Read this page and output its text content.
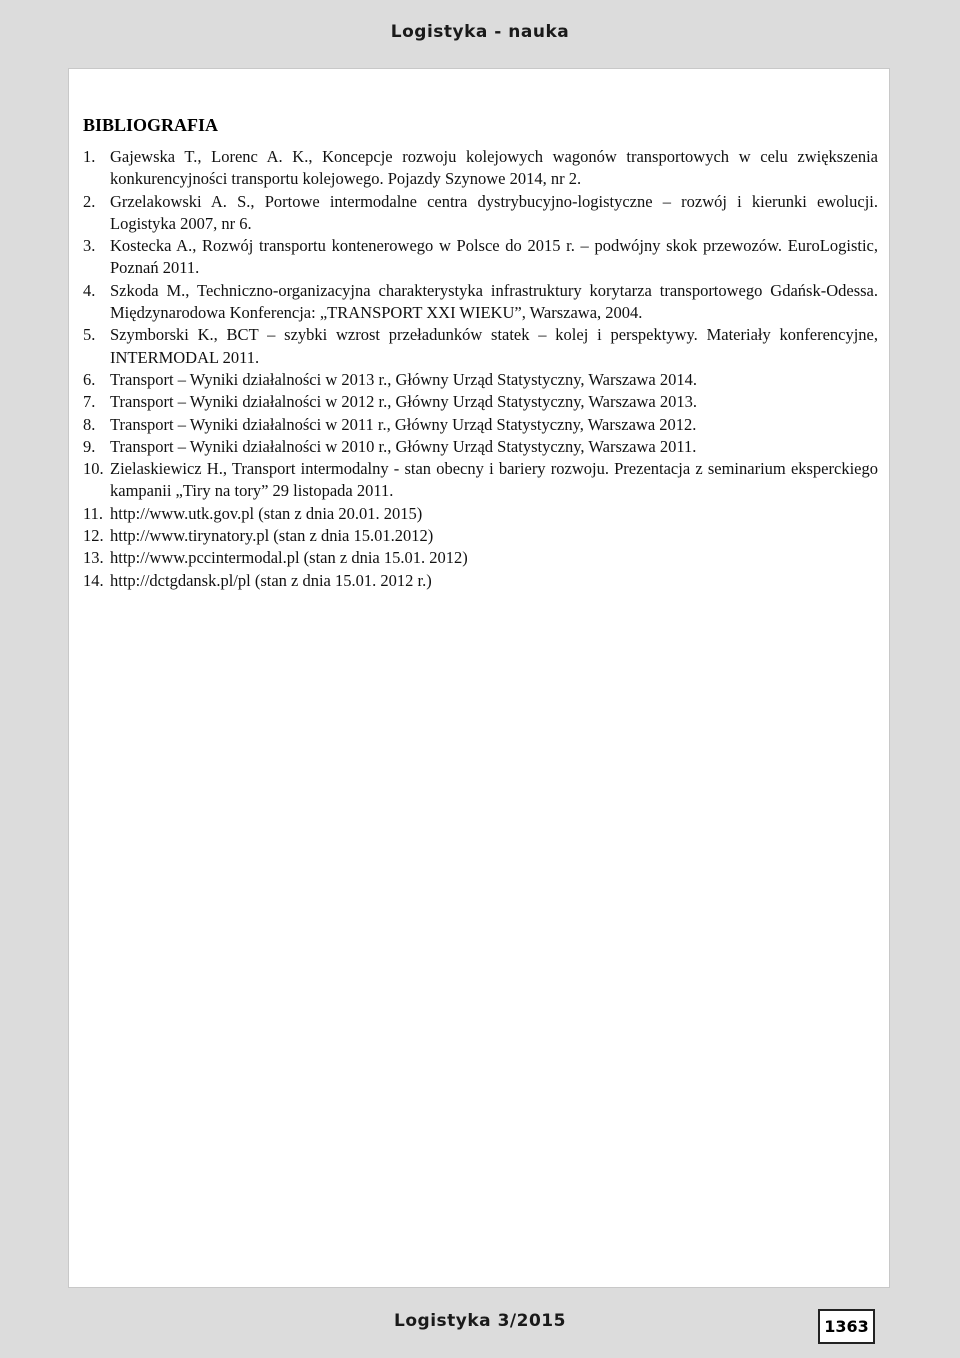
Logistyka - nauka
BIBLIOGRAFIA
1. Gajewska T., Lorenc A. K., Koncepcje rozwoju kolejowych wagonów transportowych w celu zwiększenia konkurencyjności transportu kolejowego. Pojazdy Szynowe 2014, nr 2.
2. Grzelakowski A. S., Portowe intermodalne centra dystrybucyjno-logistyczne – rozwój i kierunki ewolucji. Logistyka 2007, nr 6.
3. Kostecka A., Rozwój transportu kontenerowego w Polsce do 2015 r. – podwójny skok przewozów. EuroLogistic, Poznań 2011.
4. Szkoda M., Techniczno-organizacyjna charakterystyka infrastruktury korytarza transportowego Gdańsk-Odessa. Międzynarodowa Konferencja: „TRANSPORT XXI WIEKU”, Warszawa, 2004.
5. Szymborski K., BCT – szybki wzrost przeładunków statek – kolej i perspektywy. Materiały konferencyjne, INTERMODAL 2011.
6. Transport – Wyniki działalności w 2013 r., Główny Urząd Statystyczny, Warszawa 2014.
7. Transport – Wyniki działalności w 2012 r., Główny Urząd Statystyczny, Warszawa 2013.
8. Transport – Wyniki działalności w 2011 r., Główny Urząd Statystyczny, Warszawa 2012.
9. Transport – Wyniki działalności w 2010 r., Główny Urząd Statystyczny, Warszawa 2011.
10. Zielaskiewicz H., Transport intermodalny - stan obecny i bariery rozwoju. Prezentacja z seminarium eksperckiego kampanii „Tiry na tory” 29 listopada 2011.
11. http://www.utk.gov.pl (stan z dnia 20.01. 2015)
12. http://www.tirynatory.pl (stan z dnia 15.01.2012)
13. http://www.pccintermodal.pl (stan z dnia 15.01. 2012)
14. http://dctgdansk.pl/pl (stan z dnia 15.01. 2012 r.)
Logistyka 3/2015	1363
